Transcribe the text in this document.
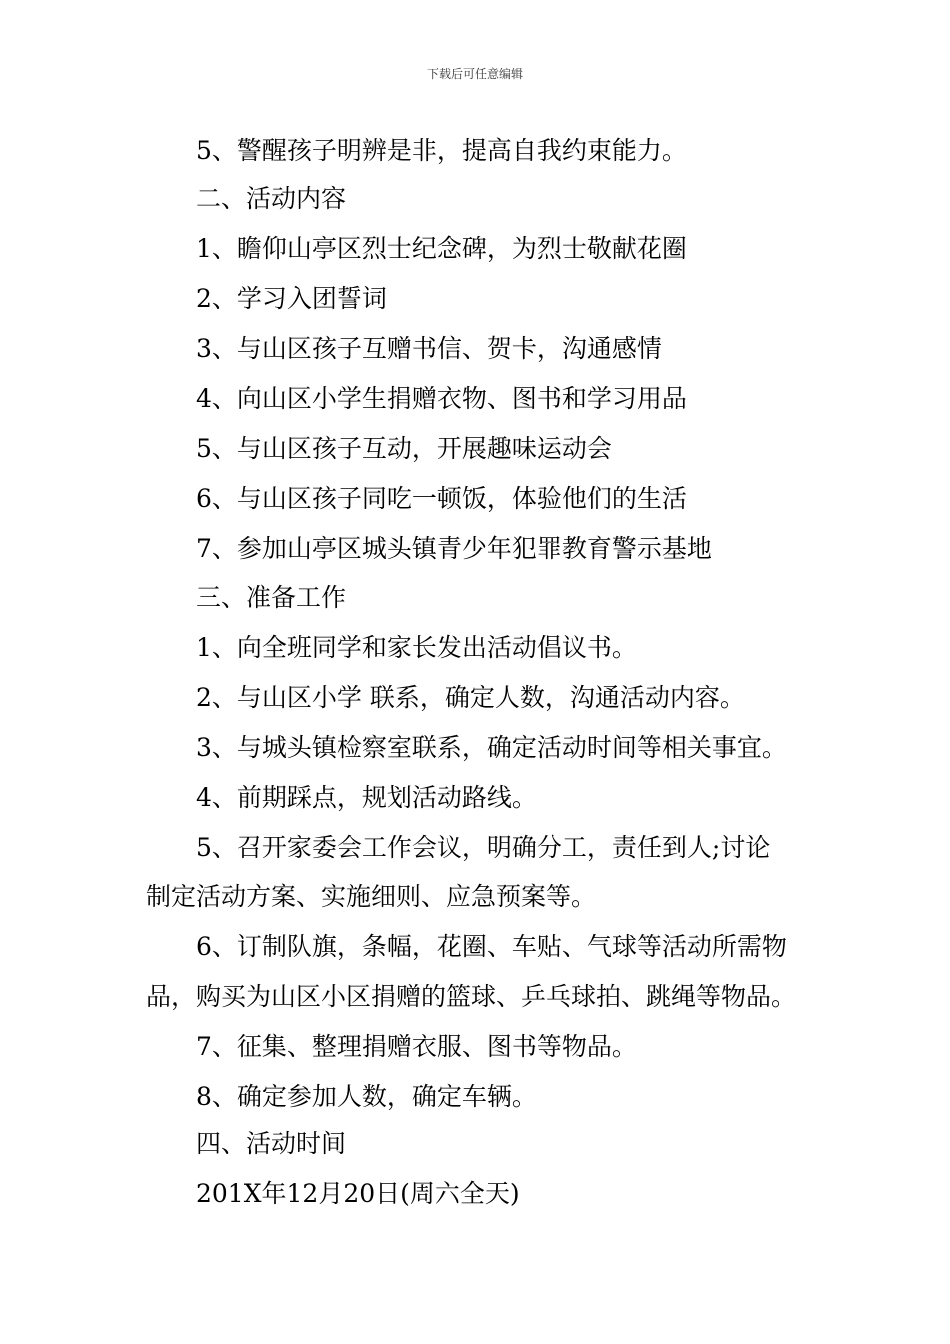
下载后可任意编辑
5、警醒孩子明辨是非，提高自我约束能力。
二、活动内容
1、瞻仰山亭区烈士纪念碑，为烈士敬献花圈
2、学习入团誓词
3、与山区孩子互赠书信、贺卡，沟通感情
4、向山区小学生捐赠衣物、图书和学习用品
5、与山区孩子互动，开展趣味运动会
6、与山区孩子同吃一顿饭，体验他们的生活
7、参加山亭区城头镇青少年犯罪教育警示基地
三、准备工作
1、向全班同学和家长发出活动倡议书。
2、与山区小学 联系，确定人数，沟通活动内容。
3、与城头镇检察室联系，确定活动时间等相关事宜。
4、前期踩点，规划活动路线。
5、召开家委会工作会议，明确分工，责任到人;讨论
制定活动方案、实施细则、应急预案等。
6、订制队旗，条幅，花圈、车贴、气球等活动所需物
品，购买为山区小区捐赠的篮球、乒乓球拍、跳绳等物品。
7、征集、整理捐赠衣服、图书等物品。
8、确定参加人数，确定车辆。
四、活动时间
201X年12月20日(周六全天)
